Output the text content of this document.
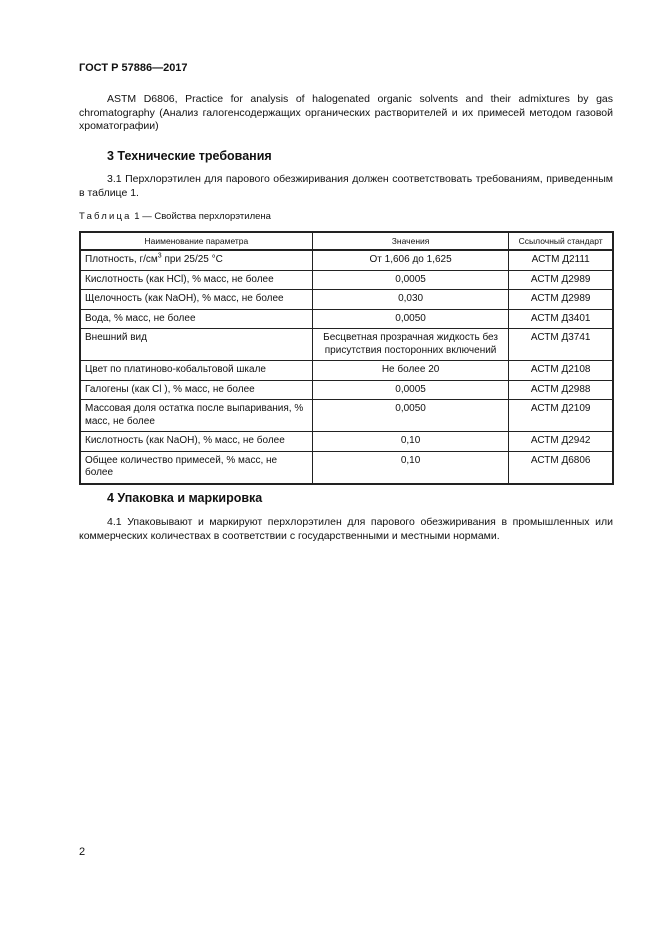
ГОСТ Р 57886—2017
ASTM D6806, Practice for analysis of halogenated organic solvents and their admixtures by gas chromatography (Анализ галогенсодержащих органических растворителей и их примесей методом газовой хроматографии)
3 Технические требования
3.1 Перхлорэтилен для парового обезжиривания должен соответствовать требованиям, приведенным в таблице 1.
Таблица 1 — Свойства перхлорэтилена
Наименование параметра	Значения	Ссылочный стандарт
Плотность, $г/см^3$ при 25/25 °С	От 1,606 до 1,625	АСТМ Д2111
Кислотность (как HCl), % масс, не более	0,0005	АСТМ Д2989
Щелочность (как NaOH), % масс, не более	0,030	АСТМ Д2989
Вода, % масс, не более	0,0050	АСТМ Д3401
Внешний вид	Бесцветная прозрачная жидкость без присутствия посторонних включений	АСТМ Д3741
Цвет по платиново-кобальтовой шкале	Не более 20	АСТМ Д2108
Галогены (как Cl ), % масс, не более	0,0005	АСТМ Д2988
Массовая доля остатка после выпаривания, % масс, не более	0,0050	АСТМ Д2109
Кислотность (как NaOH), % масс, не более	0,10	АСТМ Д2942
Общее количество примесей, % масс, не более	0,10	АСТМ Д6806
4 Упаковка и маркировка
4.1 Упаковывают и маркируют перхлорэтилен для парового обезжиривания в промышленных или коммерческих количествах в соответствии с государственными и местными нормами.
2
